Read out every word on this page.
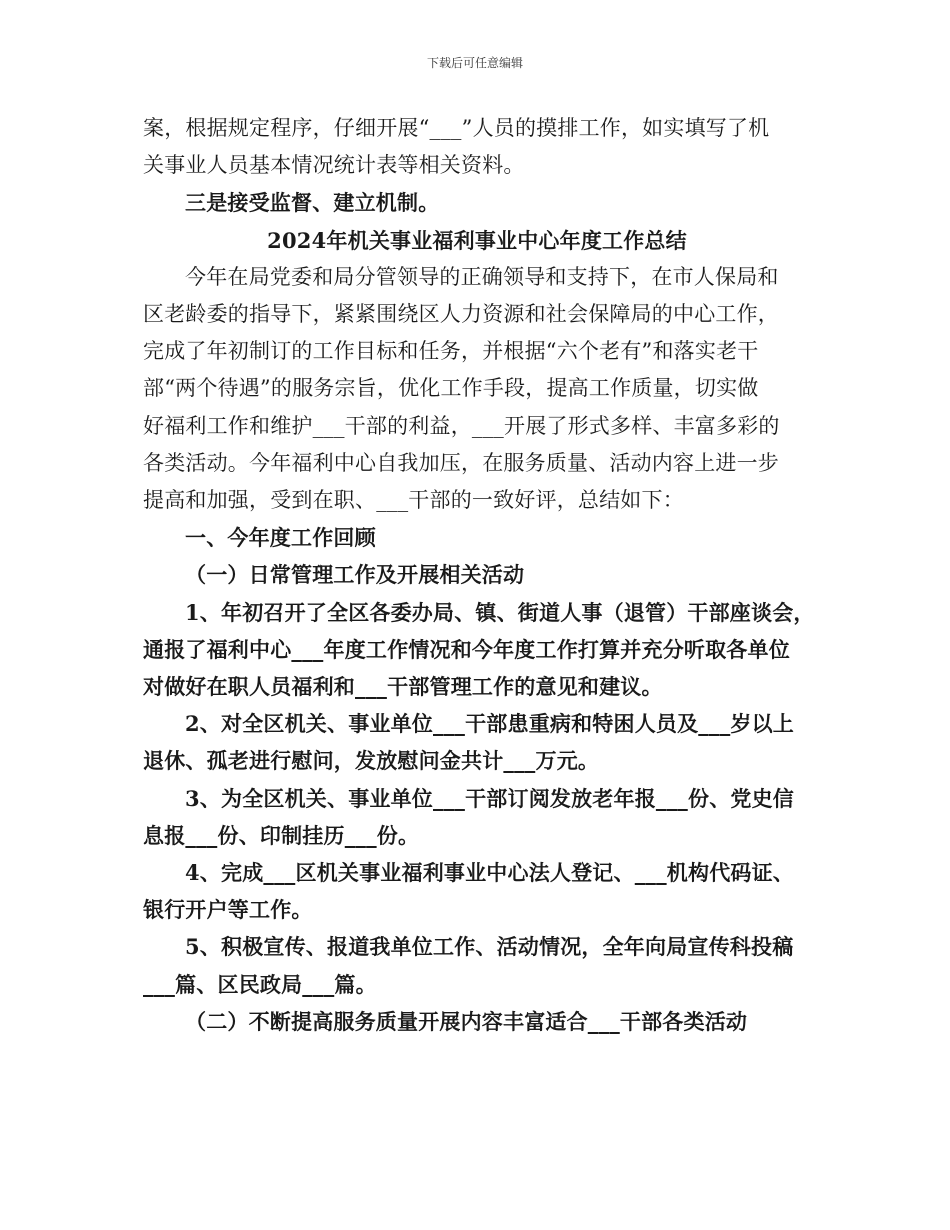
下载后可任意编辑

案，根据规定程序，仔细开展“___”人员的摸排工作，如实填写了机

关事业人员基本情况统计表等相关资料。

三是接受监督、建立机制。

2024年机关事业福利事业中心年度工作总结

今年在局党委和局分管领导的正确领导和支持下，在市人保局和

区老龄委的指导下，紧紧围绕区人力资源和社会保障局的中心工作，

完成了年初制订的工作目标和任务，并根据“六个老有”和落实老干

部“两个待遇”的服务宗旨，优化工作手段，提高工作质量，切实做

好福利工作和维护___干部的利益，___开展了形式多样、丰富多彩的

各类活动。今年福利中心自我加压，在服务质量、活动内容上进一步

提高和加强，受到在职、___干部的一致好评，总结如下：

一、今年度工作回顾

（一）日常管理工作及开展相关活动

1、年初召开了全区各委办局、镇、街道人事（退管）干部座谈会，

通报了福利中心___年度工作情况和今年度工作打算并充分听取各单位

对做好在职人员福利和___干部管理工作的意见和建议。

2、对全区机关、事业单位___干部患重病和特困人员及___岁以上

退休、孤老进行慰问，发放慰问金共计___万元。

3、为全区机关、事业单位___干部订阅发放老年报___份、党史信

息报___份、印制挂历___份。

4、完成___区机关事业福利事业中心法人登记、___机构代码证、

银行开户等工作。

5、积极宣传、报道我单位工作、活动情况，全年向局宣传科投稿

___篇、区民政局___篇。

（二）不断提高服务质量开展内容丰富适合___干部各类活动
